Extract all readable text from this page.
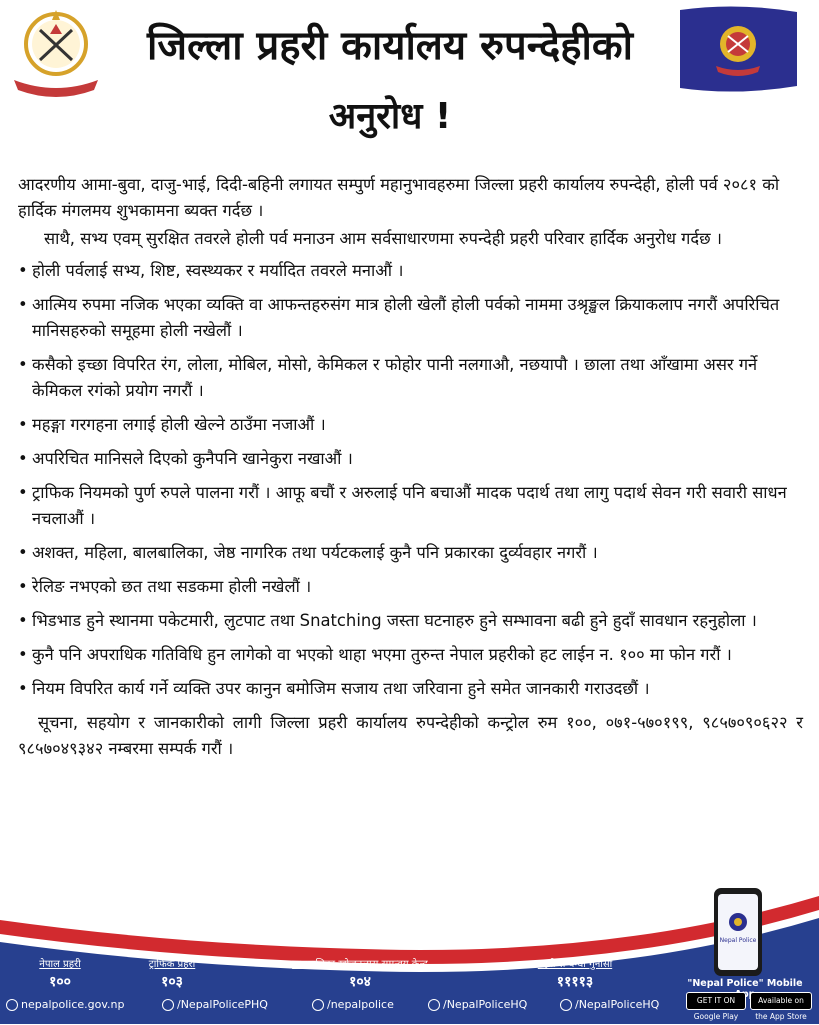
जिल्ला प्रहरी कार्यालय रुपन्देहीको
अनुरोध !

आदरणीय आमा-बुवा, दाजु-भाई, दिदी-बहिनी लगायत सम्पुर्ण महानुभावहरुमा जिल्ला प्रहरी कार्यालय रुपन्देही, होली पर्व २०८१ को हार्दिक मंगलमय शुभकामना ब्यक्त गर्दछ ।

साथै, सभ्य एवम् सुरक्षित तवरले होली पर्व मनाउन आम सर्वसाधारणमा रुपन्देही प्रहरी परिवार हार्दिक अनुरोध गर्दछ ।

• होली पर्वलाई सभ्य, शिष्ट, स्वस्थ्यकर र मर्यादित तवरले मनाऔं ।
• आत्मिय रुपमा नजिक भएका व्यक्ति वा आफन्तहरुसंग मात्र होली खेलौं होली पर्वको नाममा उश्रृङ्खल क्रियाकलाप नगरौं अपरिचित मानिसहरुको समूहमा होली नखेलौं ।
• कसैको इच्छा विपरित रंग, लोला, मोबिल, मोसो, केमिकल र फोहोर पानी नलगाऔ, नछयापौ । छाला तथा आँखामा असर गर्ने केमिकल रगंको प्रयोग नगरौं ।
• महङ्गा गरगहना लगाई होली खेल्ने ठाउँमा नजाऔं ।
• अपरिचित मानिसले दिएको कुनैपनि खानेकुरा नखाऔं ।
• ट्राफिक नियमको पुर्ण रुपले पालना गरौं । आफू बचौं र अरुलाई पनि बचाऔं मादक पदार्थ तथा लागु पदार्थ सेवन गरी सवारी साधन नचलाऔं ।
• अशक्त, महिला, बालबालिका, जेष्ठ नागरिक तथा पर्यटकलाई कुनै पनि प्रकारका दुर्व्यवहार नगरौं ।
• रेलिङ नभएको छत तथा सडकमा होली नखेलौं ।
• भिडभाड हुने स्थानमा पकेटमारी, लुटपाट तथा Snatching जस्ता घटनाहरु हुने सम्भावना बढी हुने हुदाँ सावधान रहनुहोला ।
• कुनै पनि अपराधिक गतिविधि हुन लागेको वा भएको थाहा भएमा तुरुन्त नेपाल प्रहरीको हट लाईन न. १०० मा फोन गरौं ।
• नियम विपरित कार्य गर्ने व्यक्ति उपर कानुन बमोजिम सजाय तथा जरिवाना हुने समेत जानकारी गराउदछौं ।

सूचना, सहयोग र जानकारीको लागी जिल्ला प्रहरी कार्यालय रुपन्देहीको कन्ट्रोल रुम १००, ०७१-५७०१९९, ९८५७०९०६२२ र ९८५७०४९३४२ नम्बरमा सम्पर्क गरौं ।

Nepal Police
नेपाल प्रहरी
१००
ट्राफिक प्रहरी
१०३
बालबालिका खोजतलास समन्वय केन्द्र
१०४
प्रहरी सम्बन्धी गुनासो
११११३
nepalpolice.gov.np	/NepalPolicePHQ	/nepalpolice	/NepalPoliceHQ	/NepalPoliceHQ
"Nepal Police" Mobile
GET IT ON Google Play
Available on the App Store
